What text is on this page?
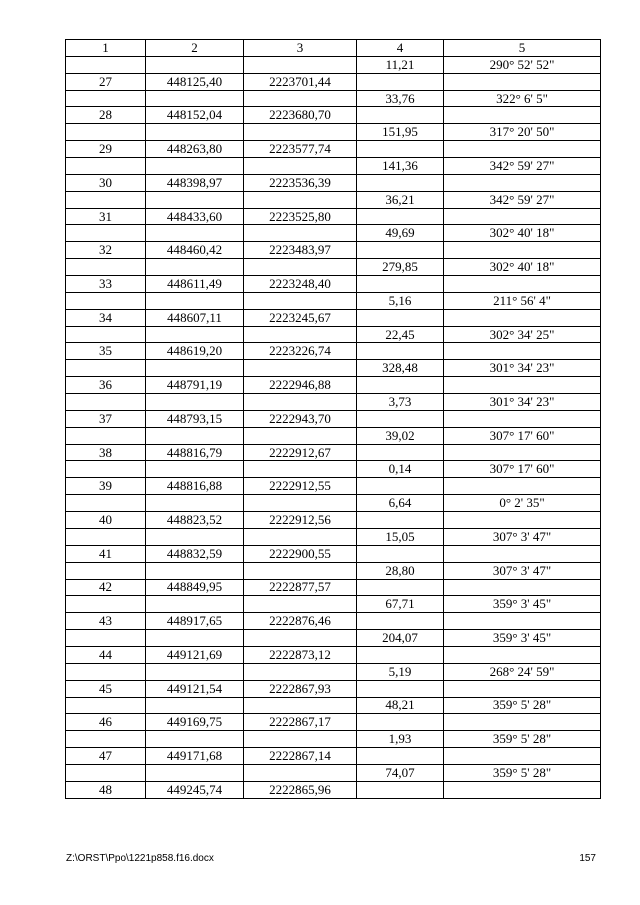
1	2	3	4	5
			11,21	290° 52' 52"
27	448125,40	2223701,44		
			33,76	322° 6' 5"
28	448152,04	2223680,70		
			151,95	317° 20' 50"
29	448263,80	2223577,74		
			141,36	342° 59' 27"
30	448398,97	2223536,39		
			36,21	342° 59' 27"
31	448433,60	2223525,80		
			49,69	302° 40' 18"
32	448460,42	2223483,97		
			279,85	302° 40' 18"
33	448611,49	2223248,40		
			5,16	211° 56' 4"
34	448607,11	2223245,67		
			22,45	302° 34' 25"
35	448619,20	2223226,74		
			328,48	301° 34' 23"
36	448791,19	2222946,88		
			3,73	301° 34' 23"
37	448793,15	2222943,70		
			39,02	307° 17' 60"
38	448816,79	2222912,67		
			0,14	307° 17' 60"
39	448816,88	2222912,55		
			6,64	0° 2' 35"
40	448823,52	2222912,56		
			15,05	307° 3' 47"
41	448832,59	2222900,55		
			28,80	307° 3' 47"
42	448849,95	2222877,57		
			67,71	359° 3' 45"
43	448917,65	2222876,46		
			204,07	359° 3' 45"
44	449121,69	2222873,12		
			5,19	268° 24' 59"
45	449121,54	2222867,93		
			48,21	359° 5' 28"
46	449169,75	2222867,17		
			1,93	359° 5' 28"
47	449171,68	2222867,14		
			74,07	359° 5' 28"
48	449245,74	2222865,96		
Z:\ORST\Ppo\1221p858.f16.docx	157
